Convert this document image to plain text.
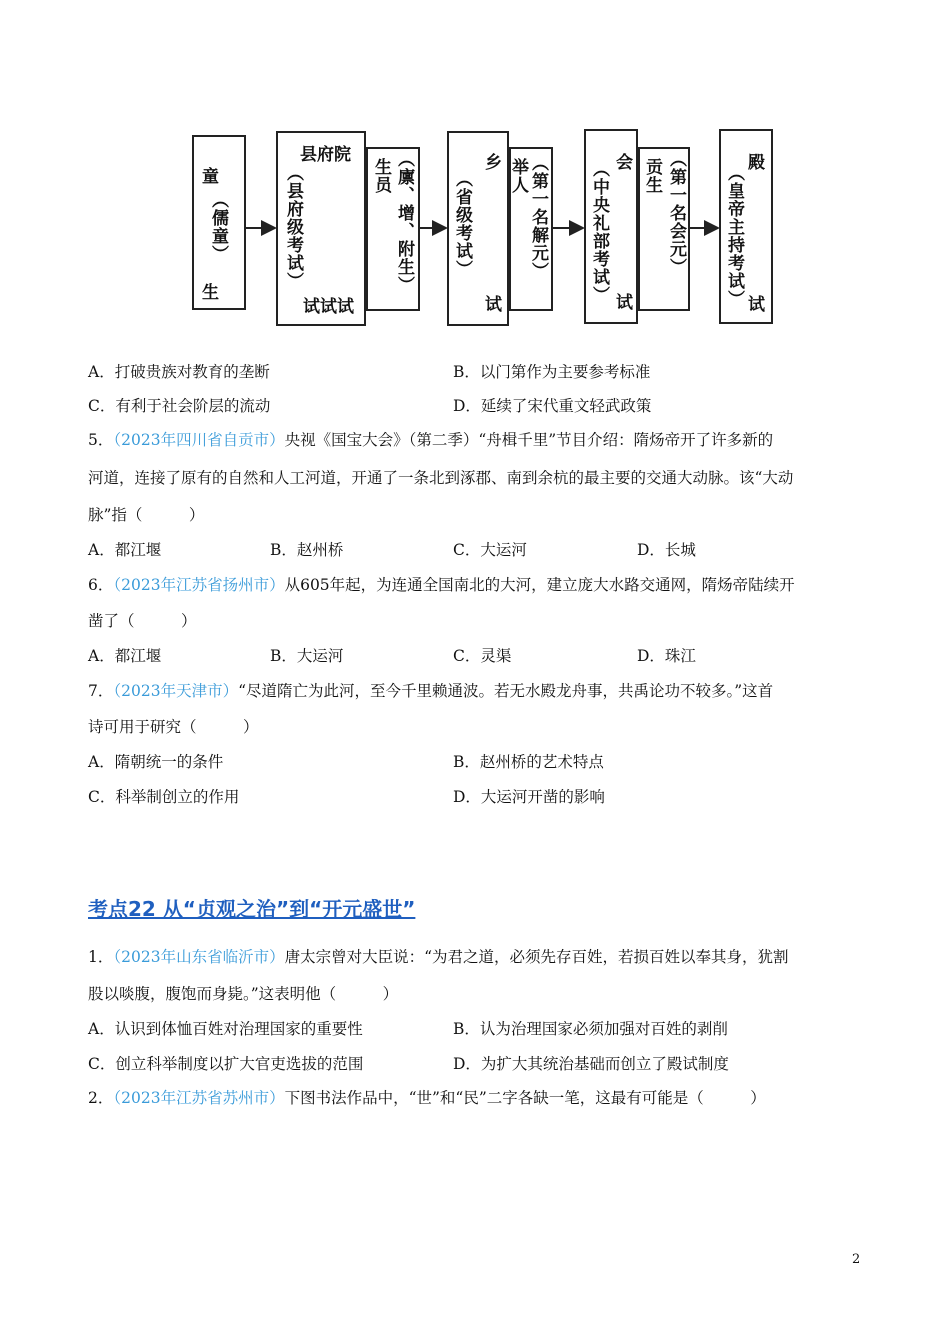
童
（儒童）
生
县府院
（县府级考试）
试试试
生员 （廪、增、附生）	乡
（省级考试）
试
举人 （第一名解元）	会
（中央礼部考试） 试
贡生 （第一名会元）	殿
（皇帝主持考试） 试
A．打破贵族对教育的垄断	B．以门第作为主要参考标准
C．有利于社会阶层的流动	D．延续了宋代重文轻武政策
5．（2023年四川省自贡市）央视《国宝大会》（第二季）“舟楫千里”节目介绍：隋炀帝开了许多新的
河道，连接了原有的自然和人工河道，开通了一条北到涿郡、南到余杭的最主要的交通大动脉。该“大动
脉”指（　　　）
A．都江堰	B．赵州桥	C．大运河	D．长城
6．（2023年江苏省扬州市）从605年起，为连通全国南北的大河，建立庞大水路交通网，隋炀帝陆续开
凿了（　　　）
A．都江堰	B．大运河	C．灵渠	D．珠江
7．（2023年天津市）“尽道隋亡为此河，至今千里赖通波。若无水殿龙舟事，共禹论功不较多。”这首
诗可用于研究（　　　）
A．隋朝统一的条件	B．赵州桥的艺术特点
C．科举制创立的作用	D．大运河开凿的影响
考点22 从“贞观之治”到“开元盛世”
1．（2023年山东省临沂市）唐太宗曾对大臣说：“为君之道，必须先存百姓，若损百姓以奉其身，犹割
股以啖腹，腹饱而身毙。”这表明他（　　　）
A．认识到体恤百姓对治理国家的重要性	B．认为治理国家必须加强对百姓的剥削
C．创立科举制度以扩大官吏选拔的范围	D．为扩大其统治基础而创立了殿试制度
2．（2023年江苏省苏州市）下图书法作品中，“世”和“民”二字各缺一笔，这最有可能是（　　　）
2
